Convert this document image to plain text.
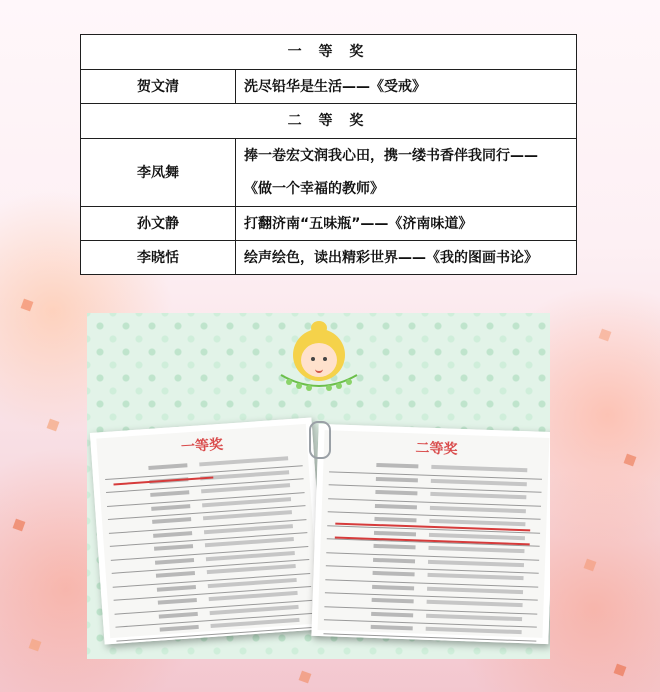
一 等 奖	
贺文清	洗尽铅华是生活——《受戒》
二 等 奖	
李凤舞	捧一卷宏文润我心田，携一缕书香伴我同行——
《做一个幸福的教师》

孙文静	打翻济南“五味瓶”——《济南味道》
李晓恬	绘声绘色，读出精彩世界——《我的图画书论》
一等奖	二等奖
